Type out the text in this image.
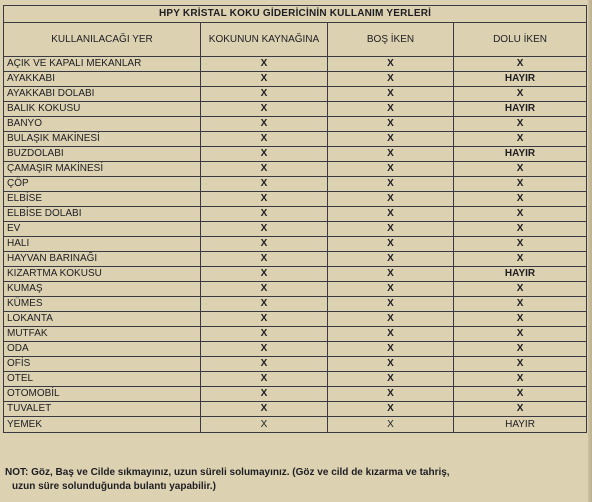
HPY KRİSTAL KOKU GİDERİCİNİN KULLANIM YERLERİ			
KULLANILACAĞI YER	KOKUNUN KAYNAĞINA	BOŞ İKEN	DOLU İKEN
AÇIK VE KAPALI MEKANLAR	X	X	X
AYAKKABI	X	X	HAYIR
AYAKKABI DOLABI	X	X	X
BALIK KOKUSU	X	X	HAYIR
BANYO	X	X	X
BULAŞIK MAKİNESİ	X	X	X
BUZDOLABI	X	X	HAYIR
ÇAMAŞIR MAKİNESİ	X	X	X
ÇÖP	X	X	X
ELBİSE	X	X	X
ELBİSE DOLABI	X	X	X
EV	X	X	X
HALI	X	X	X
HAYVAN BARINAĞI	X	X	X
KIZARTMA KOKUSU	X	X	HAYIR
KUMAŞ	X	X	X
KÜMES	X	X	X
LOKANTA	X	X	X
MUTFAK	X	X	X
ODA	X	X	X
OFİS	X	X	X
OTEL	X	X	X
OTOMOBİL	X	X	X
TUVALET	X	X	X
YEMEK	X	X	HAYIR
NOT: Göz, Baş ve Cilde sıkmayınız, uzun süreli solumayınız. (Göz ve cild de kızarma ve tahriş,
uzun süre solunduğunda bulantı yapabilir.)
